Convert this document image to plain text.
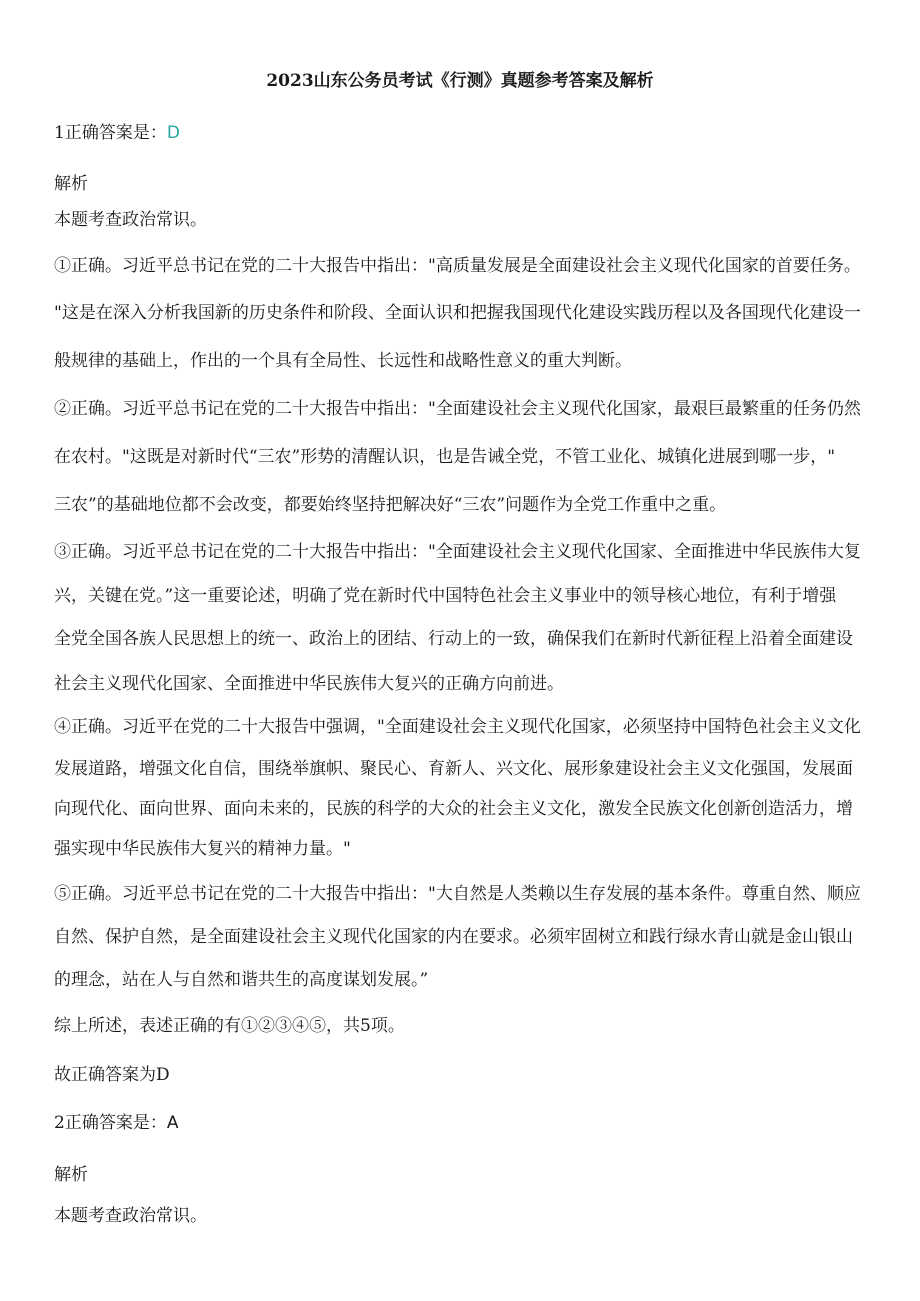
2023山东公务员考试《行测》真题参考答案及解析
1正确答案是：D
解析
本题考查政治常识。
①正确。习近平总书记在党的二十大报告中指出："高质量发展是全面建设社会主义现代化国家的首要任务。
"这是在深入分析我国新的历史条件和阶段、全面认识和把握我国现代化建设实践历程以及各国现代化建设一
般规律的基础上，作出的一个具有全局性、长远性和战略性意义的重大判断。
②正确。习近平总书记在党的二十大报告中指出："全面建设社会主义现代化国家，最艰巨最繁重的任务仍然
在农村。"这既是对新时代“三农”形势的清醒认识，也是告诫全党，不管工业化、城镇化进展到哪一步，"
三农”的基础地位都不会改变，都要始终坚持把解决好“三农”问题作为全党工作重中之重。
③正确。习近平总书记在党的二十大报告中指出："全面建设社会主义现代化国家、全面推进中华民族伟大复
兴，关键在党。”这一重要论述，明确了党在新时代中国特色社会主义事业中的领导核心地位，有利于增强
全党全国各族人民思想上的统一、政治上的团结、行动上的一致，确保我们在新时代新征程上沿着全面建设
社会主义现代化国家、全面推进中华民族伟大复兴的正确方向前进。
④正确。习近平在党的二十大报告中强调，"全面建设社会主义现代化国家，必须坚持中国特色社会主义文化
发展道路，增强文化自信，围绕举旗帜、聚民心、育新人、兴文化、展形象建设社会主义文化强国，发展面
向现代化、面向世界、面向未来的，民族的科学的大众的社会主义文化，激发全民族文化创新创造活力，增
强实现中华民族伟大复兴的精神力量。"
⑤正确。习近平总书记在党的二十大报告中指出："大自然是人类赖以生存发展的基本条件。尊重自然、顺应
自然、保护自然，是全面建设社会主义现代化国家的内在要求。必须牢固树立和践行绿水青山就是金山银山
的理念，站在人与自然和谐共生的高度谋划发展。”
综上所述，表述正确的有①②③④⑤，共5项。
故正确答案为D
2正确答案是：A
解析
本题考查政治常识。
